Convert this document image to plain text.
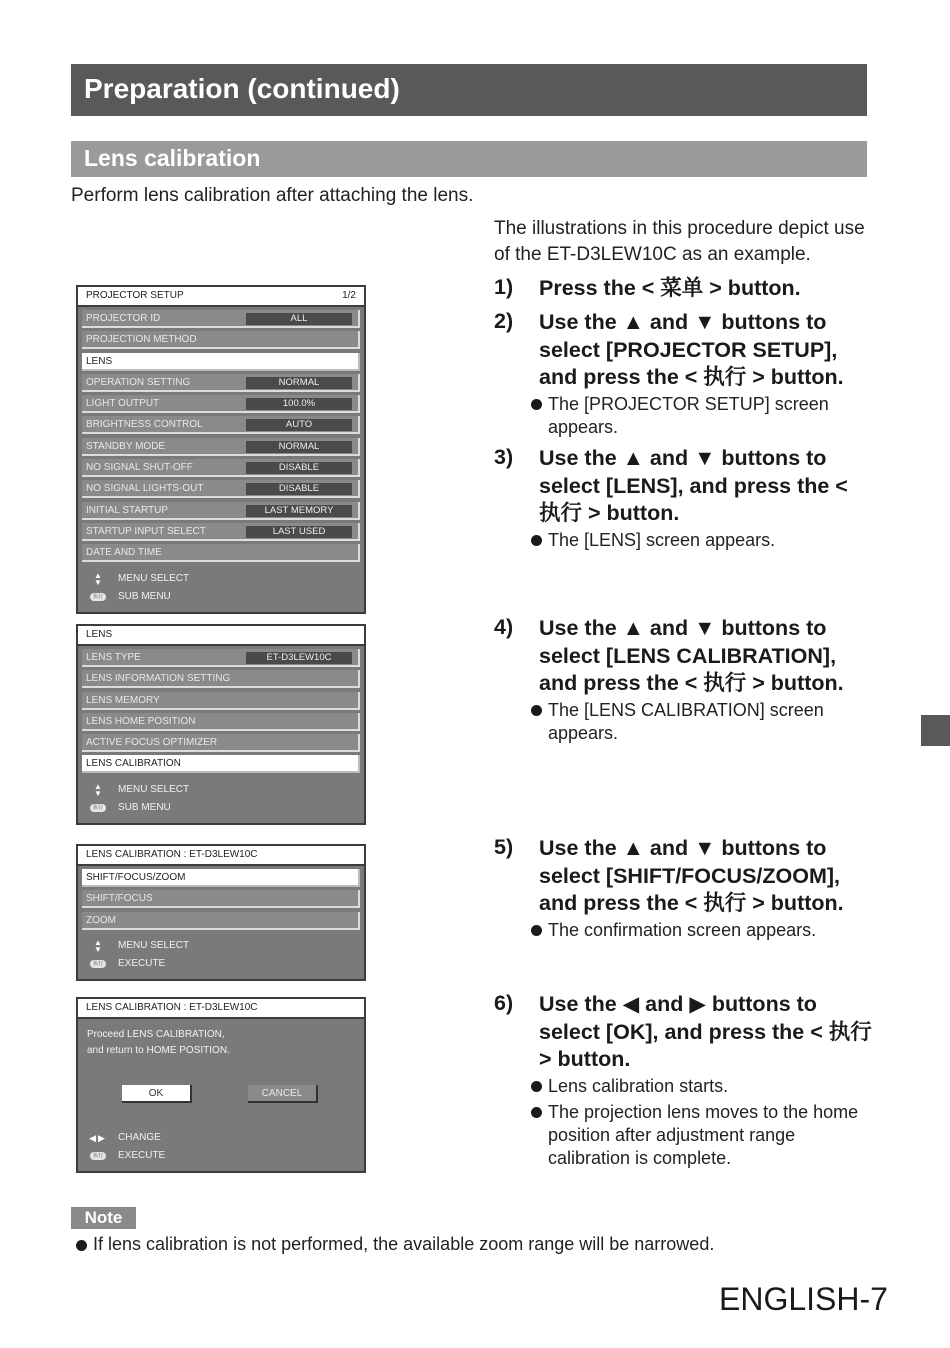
Preparation (continued)
Lens calibration
Perform lens calibration after attaching the lens.
The illustrations in this procedure depict use of the ET-D3LEW10C as an example.
PROJECTOR SETUP	1/2
PROJECTOR ID	ALL
PROJECTION METHOD
LENS
OPERATION SETTING	NORMAL
LIGHT OUTPUT	100.0%
BRIGHTNESS CONTROL	AUTO
STANDBY MODE	NORMAL
NO SIGNAL SHUT-OFF	DISABLE
NO SIGNAL LIGHTS-OUT	DISABLE
INITIAL STARTUP	LAST MEMORY
STARTUP INPUT SELECT	LAST USED
DATE AND TIME
▲
▼ MENU SELECT
执行	SUB MENU
LENS
LENS TYPE	ET-D3LEW10C
LENS INFORMATION SETTING
LENS MEMORY
LENS HOME POSITION
ACTIVE FOCUS OPTIMIZER
LENS CALIBRATION
▲
▼ MENU SELECT
执行	SUB MENU
LENS CALIBRATION : ET-D3LEW10C
SHIFT/FOCUS/ZOOM
SHIFT/FOCUS
ZOOM
▲
▼ MENU SELECT
执行	EXECUTE
LENS CALIBRATION : ET-D3LEW10C
Proceed LENS CALIBRATION,
and return to HOME POSITION.
OK	CANCEL
◀▶ CHANGE
执行	EXECUTE
1) Press the < 菜单 > button.
2) Use the ▲ and ▼ buttons to select [PROJECTOR SETUP], and press the < 执行 > button.
The [PROJECTOR SETUP] screen appears.
3) Use the ▲ and ▼ buttons to select [LENS], and press the < 执行 > button.
The [LENS] screen appears.
4) Use the ▲ and ▼ buttons to select [LENS CALIBRATION], and press the < 执行 > button.
The [LENS CALIBRATION] screen appears.
5) Use the ▲ and ▼ buttons to select [SHIFT/FOCUS/ZOOM], and press the < 执行 > button.
The confirmation screen appears.
6) Use the ◀ and ▶ buttons to select [OK], and press the < 执行 > button.
Lens calibration starts.
The projection lens moves to the home position after adjustment range calibration is complete.
Note
If lens calibration is not performed, the available zoom range will be narrowed.
ENGLISH-7
